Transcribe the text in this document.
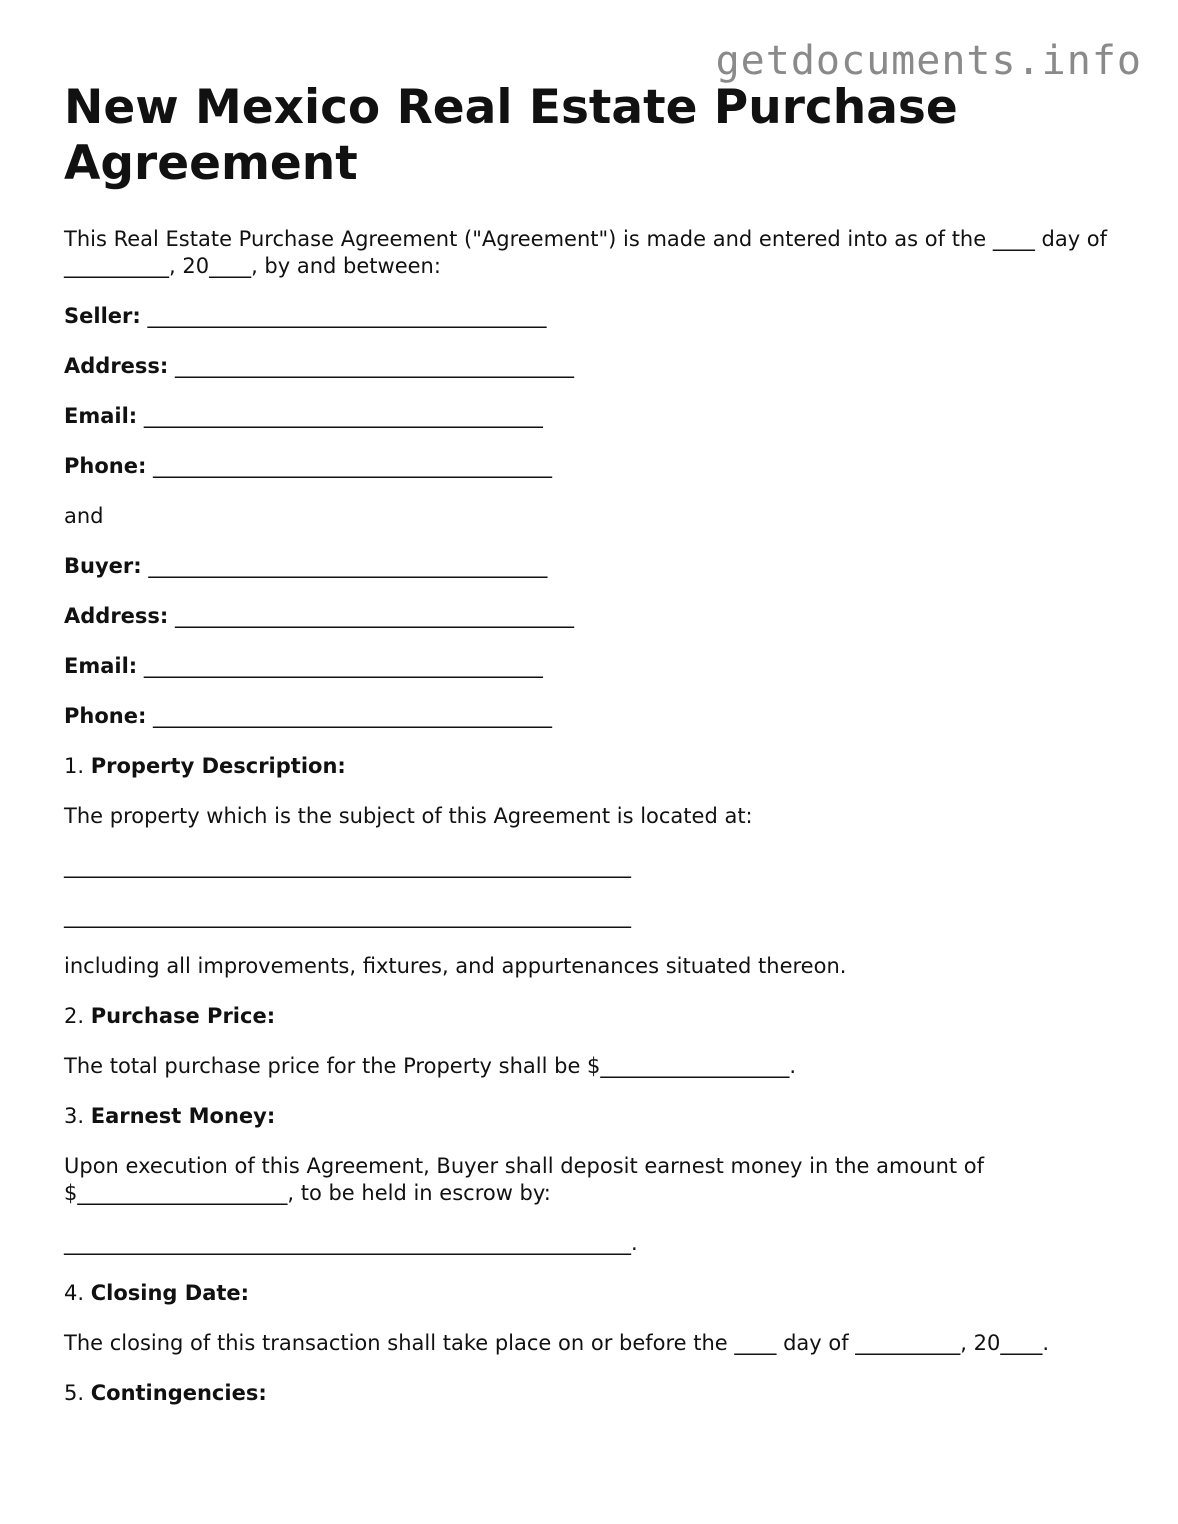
getdocuments.info
New Mexico Real Estate Purchase Agreement

This Real Estate Purchase Agreement ("Agreement") is made and entered into as of the ____ day of __________, 20____, by and between:

Seller: ______________________________________

Address: ______________________________________

Email: ______________________________________

Phone: ______________________________________

and

Buyer: ______________________________________

Address: ______________________________________

Email: ______________________________________

Phone: ______________________________________

1. Property Description:

The property which is the subject of this Agreement is located at:

______________________________________________________

______________________________________________________

including all improvements, fixtures, and appurtenances situated thereon.

2. Purchase Price:

The total purchase price for the Property shall be $__________________.

3. Earnest Money:

Upon execution of this Agreement, Buyer shall deposit earnest money in the amount of $____________________, to be held in escrow by:

______________________________________________________.

4. Closing Date:

The closing of this transaction shall take place on or before the ____ day of __________, 20____.

5. Contingencies:
